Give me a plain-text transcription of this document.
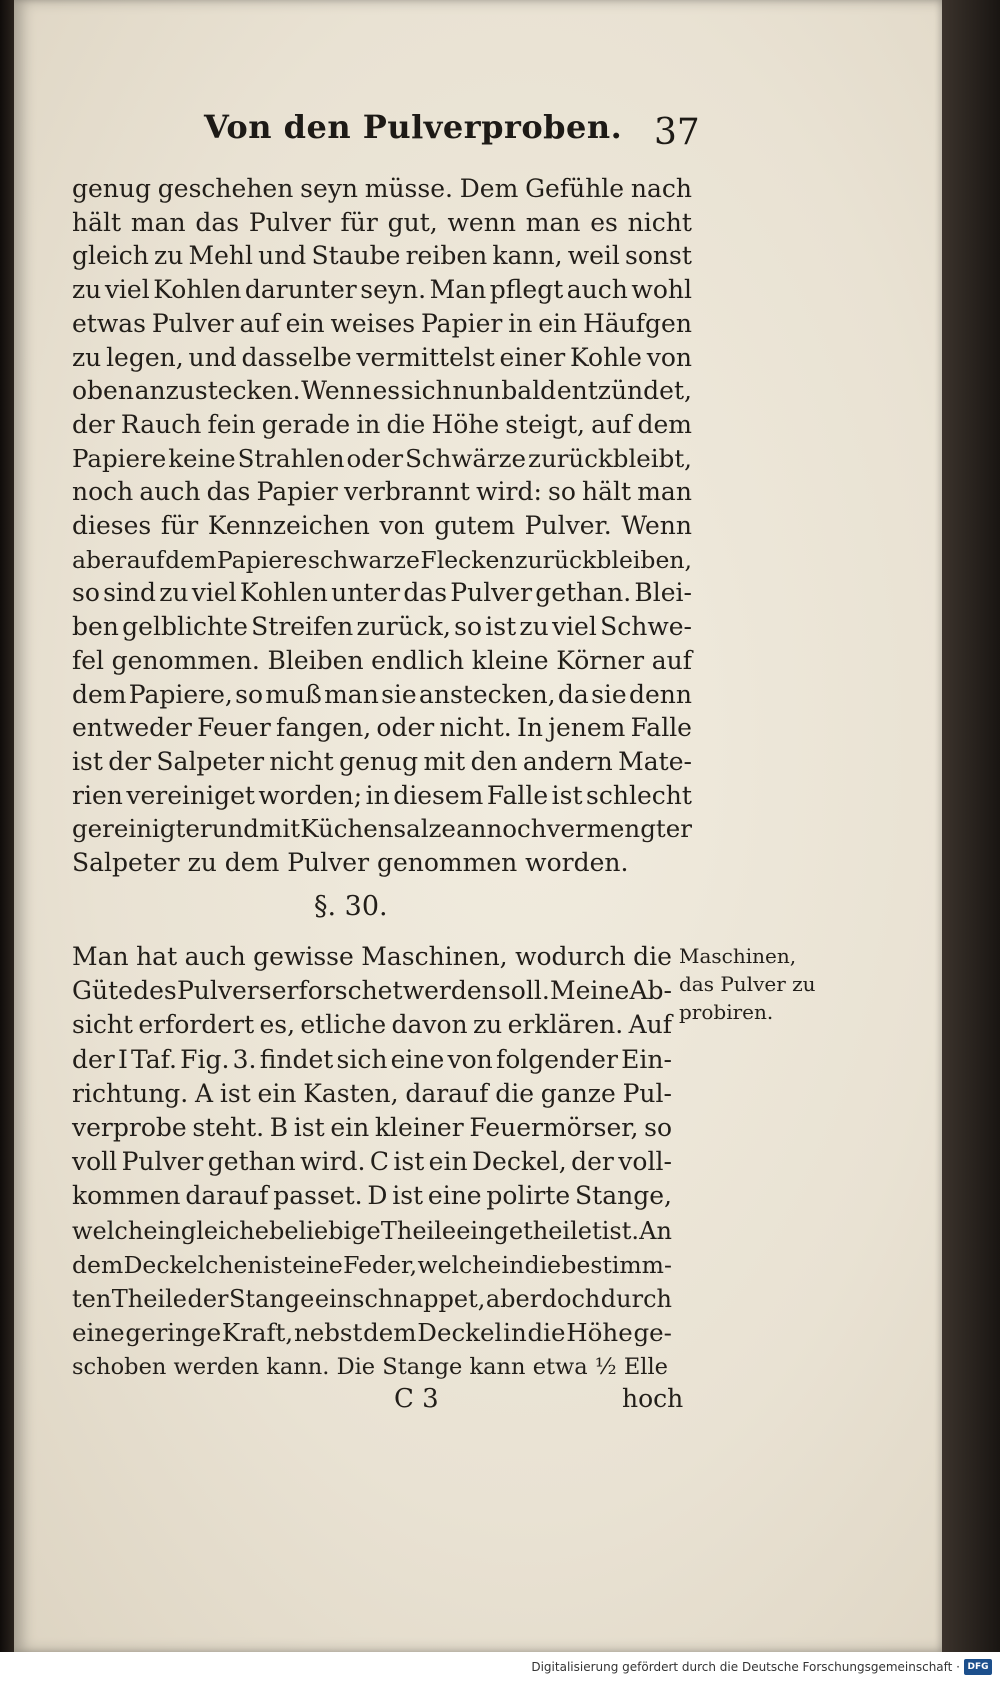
Von den Pulverproben. 37
genug geschehen seyn müsse. Dem Gefühle nach
hält man das Pulver für gut, wenn man es nicht
gleich zu Mehl und Staube reiben kann, weil sonst
zu viel Kohlen darunter seyn. Man pflegt auch wohl
etwas Pulver auf ein weises Papier in ein Häufgen
zu legen, und dasselbe vermittelst einer Kohle von
oben anzustecken. Wenn es sich nun bald entzündet,
der Rauch fein gerade in die Höhe steigt, auf dem
Papiere keine Strahlen oder Schwärze zurückbleibt,
noch auch das Papier verbrannt wird: so hält man
dieses für Kennzeichen von gutem Pulver. Wenn
aber auf dem Papiere schwarze Flecken zurückbleiben,
so sind zu viel Kohlen unter das Pulver gethan. Blei-
ben gelblichte Streifen zurück, so ist zu viel Schwe-
fel genommen. Bleiben endlich kleine Körner auf
dem Papiere, so muß man sie anstecken, da sie denn
entweder Feuer fangen, oder nicht. In jenem Falle
ist der Salpeter nicht genug mit den andern Mate-
rien vereiniget worden; in diesem Falle ist schlecht
gereinigter und mit Küchensalze annoch vermengter
Salpeter zu dem Pulver genommen worden.
§. 30.
Man hat auch gewisse Maschinen, wodurch die
Güte des Pulvers erforschet werden soll. Meine Ab-
sicht erfordert es, etliche davon zu erklären. Auf
der I Taf. Fig. 3. findet sich eine von folgender Ein-
richtung. A ist ein Kasten, darauf die ganze Pul-
verprobe steht. B ist ein kleiner Feuermörser, so
voll Pulver gethan wird. C ist ein Deckel, der voll-
kommen darauf passet. D ist eine polirte Stange,
welche in gleiche beliebige Theile eingetheilet ist. An
dem Deckelchen ist eine Feder, welche in die bestimm-
ten Theile der Stange einschnappet, aber doch durch
eine geringe Kraft, nebst dem Deckel in die Höhe ge-
schoben werden kann. Die Stange kann etwa ½ Elle
Maschinen,
das Pulver zu
probiren.
C 3	hoch
Digitalisierung gefördert durch die Deutsche Forschungsgemeinschaft · DFG
